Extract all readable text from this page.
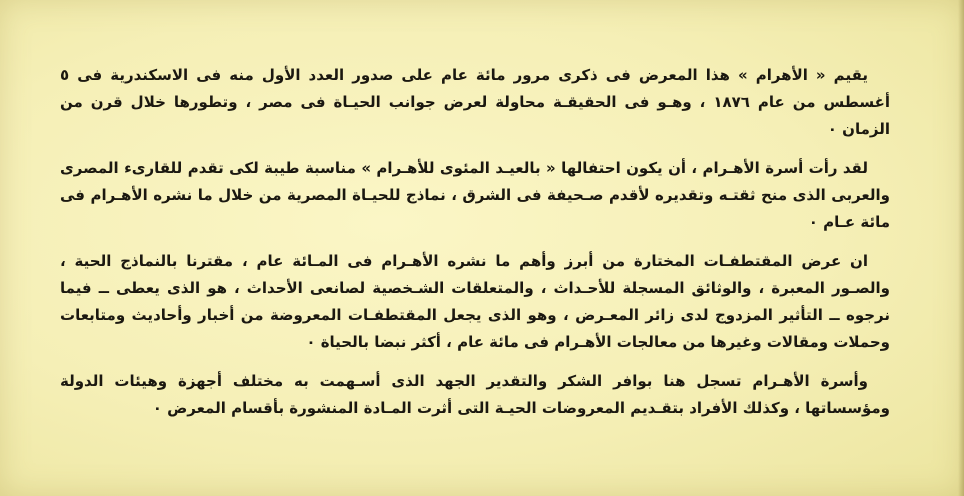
يقيم « الأهرام » هذا المعرض فى ذكرى مرور مائة عام على صدور العدد الأول منه فى الاسكندرية فى ٥ أغسطس من عام ١٨٧٦ ، وهـو فى الحقيقـة محاولة لعرض جوانب الحيـاة فى مصر ، وتطورها خلال قرن من الزمان ٠

لقد رأت أسرة الأهـرام ، أن يكون احتفالها « بالعيـد المئوى للأهـرام » مناسبة طيبة لكى تقدم للقارىء المصرى والعربى الذى منح ثقتـه وتقديره لأقدم صـحيفة فى الشرق ، نماذج للحيـاة المصرية من خلال ما نشره الأهـرام فى مائة عـام ٠

ان عرض المقتطفـات المختارة من أبرز وأهم ما نشره الأهـرام فى المـائة عام ، مقترنا بالنماذج الحية ، والصـور المعبرة ، والوثائق المسجلة للأحـداث ، والمتعلقات الشـخصية لصانعى الأحداث ، هو الذى يعطى ــ فيما نرجوه ــ التأثير المزدوج لدى زائر المعـرض ، وهو الذى يجعل المقتطفـات المعروضة من أخبار وأحاديث ومتابعات وحملات ومقالات وغيرها من معالجات الأهـرام فى مائة عام ، أكثر نبضا بالحياة ٠

وأسرة الأهـرام تسجل هنا بوافر الشكر والتقدير الجهد الذى أسـهمت به مختلف أجهزة وهيئات الدولة ومؤسساتها ، وكذلك الأفراد بتقـديم المعروضات الحيـة التى أثرت المـادة المنشورة بأقسام المعرض ٠
